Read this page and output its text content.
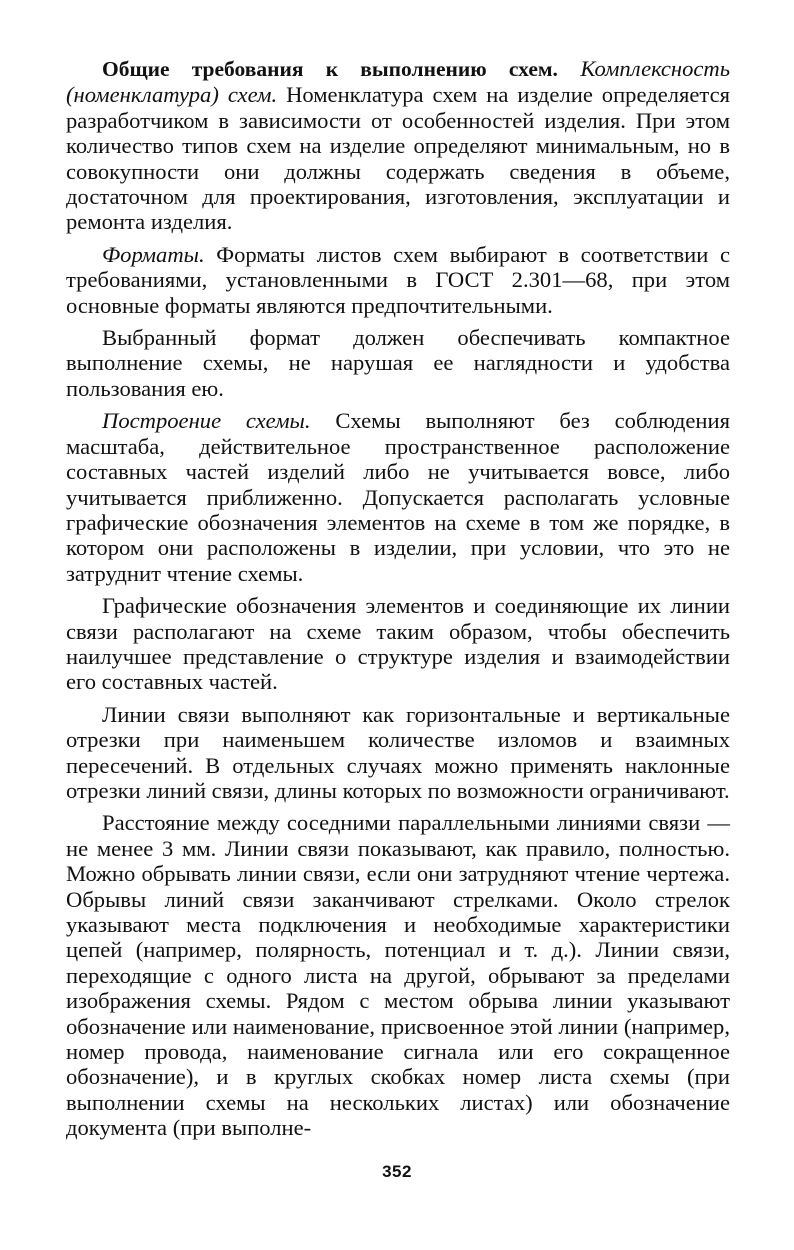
Общие требования к выполнению схем. Комплексность (номенклатура) схем. Номенклатура схем на изделие определяется разработчиком в зависимости от особенностей изделия. При этом количество типов схем на изделие определяют минимальным, но в совокупности они должны содержать сведения в объеме, достаточном для проектирования, изготовления, эксплуатации и ремонта изделия.

Форматы. Форматы листов схем выбирают в соответствии с требованиями, установленными в ГОСТ 2.301—68, при этом основные форматы являются предпочтительными.

Выбранный формат должен обеспечивать компактное выполнение схемы, не нарушая ее наглядности и удобства пользования ею.

Построение схемы. Схемы выполняют без соблюдения масштаба, действительное пространственное расположение составных частей изделий либо не учитывается вовсе, либо учитывается приближенно. Допускается располагать условные графические обозначения элементов на схеме в том же порядке, в котором они расположены в изделии, при условии, что это не затруднит чтение схемы.

Графические обозначения элементов и соединяющие их линии связи располагают на схеме таким образом, чтобы обеспечить наилучшее представление о структуре изделия и взаимодействии его составных частей.

Линии связи выполняют как горизонтальные и вертикальные отрезки при наименьшем количестве изломов и взаимных пересечений. В отдельных случаях можно применять наклонные отрезки линий связи, длины которых по возможности ограничивают.

Расстояние между соседними параллельными линиями связи — не менее 3 мм. Линии связи показывают, как правило, полностью. Можно обрывать линии связи, если они затрудняют чтение чертежа. Обрывы линий связи заканчивают стрелками. Около стрелок указывают места подключения и необходимые характеристики цепей (например, полярность, потенциал и т. д.). Линии связи, переходящие с одного листа на другой, обрывают за пределами изображения схемы. Рядом с местом обрыва линии указывают обозначение или наименование, присвоенное этой линии (например, номер провода, наименование сигнала или его сокращенное обозначение), и в круглых скобках номер листа схемы (при выполнении схемы на нескольких листах) или обозначение документа (при выполне-

352
